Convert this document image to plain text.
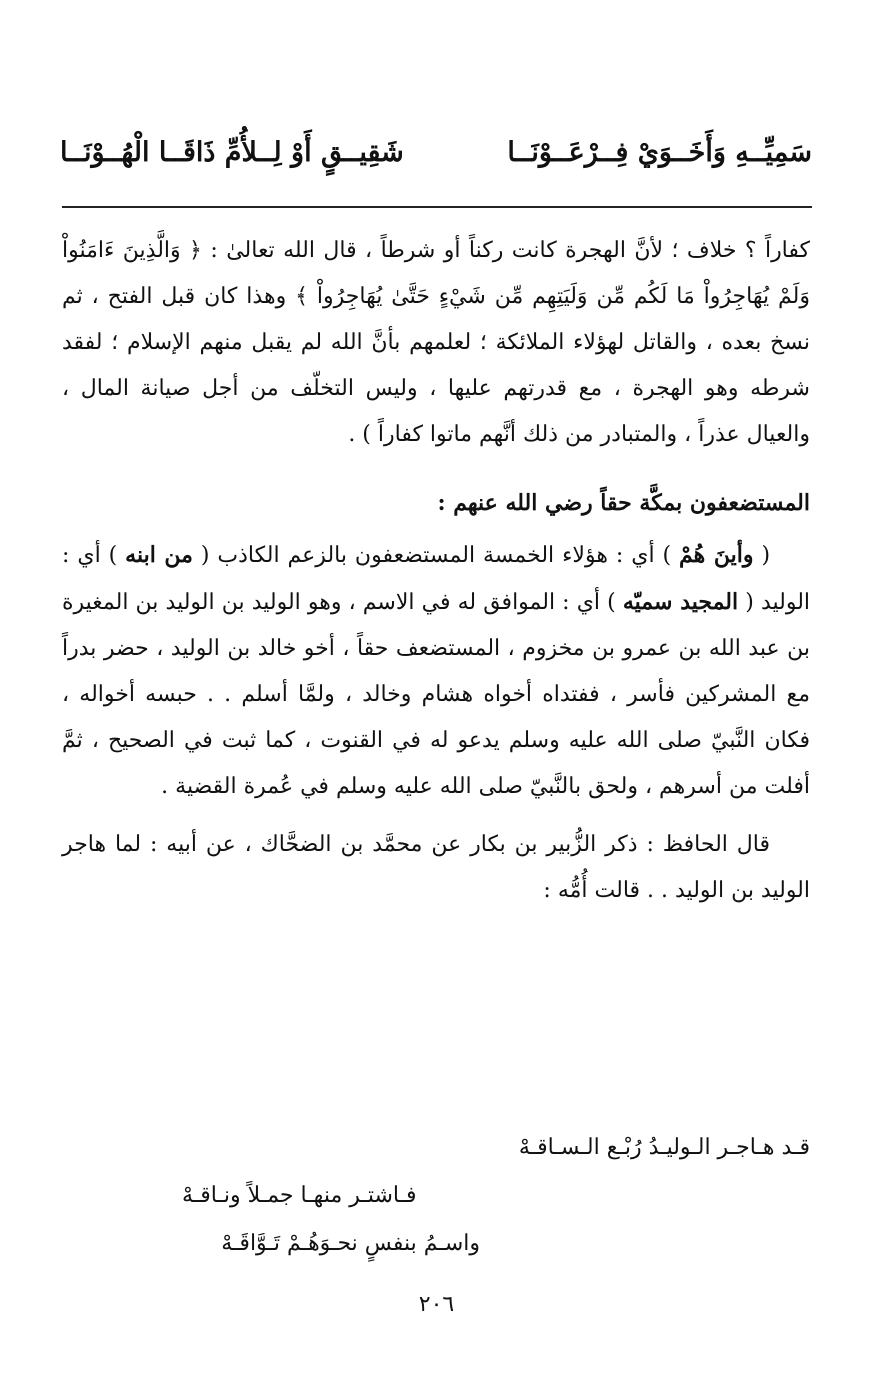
شَقِيــقٍ أَوْ لِــلأُمِّ ذَاقَــا الْهُــوْنَــا	سَمِيِّــهِ وَأَخَــوَيْ فِــرْعَــوْنَــا

كفاراً ؟ خلاف ؛ لأنَّ الهجرة كانت ركناً أو شرطاً ، قال الله تعالىٰ : ﴿ وَالَّذِينَ ءَامَنُواْ وَلَمْ يُهَاجِرُواْ مَا لَكُم مِّن وَلَيَتِهِم مِّن شَيْءٍ حَتَّىٰ يُهَاجِرُواْ ﴾ وهذا كان قبل الفتح ، ثم نسخ بعده ، والقاتل لهؤلاء الملائكة ؛ لعلمهم بأنَّ الله لم يقبل منهم الإسلام ؛ لفقد شرطه وهو الهجرة ، مع قدرتهم عليها ، وليس التخلّف من أجل صيانة المال ، والعيال عذراً ، والمتبادر من ذلك أنَّهم ماتوا كفاراً ) .

المستضعفون بمكَّة حقاً رضي الله عنهم :

( وأينَ هُمْ ) أي : هؤلاء الخمسة المستضعفون بالزعم الكاذب ( من ابنه ) أي : الوليد ( المجيد سميّه ) أي : الموافق له في الاسم ، وهو الوليد بن الوليد بن المغيرة بن عبد الله بن عمرو بن مخزوم ، المستضعف حقاً ، أخو خالد بن الوليد ، حضر بدراً مع المشركين فأسر ، ففتداه أخواه هشام وخالد ، ولمَّا أسلم . . حبسه أخواله ، فكان النَّبيّ صلى الله عليه وسلم يدعو له في القنوت ، كما ثبت في الصحيح ، ثمَّ أفلت من أسرهم ، ولحق بالنَّبيّ صلى الله عليه وسلم في عُمرة القضية .

قال الحافظ : ذكر الزُّبير بن بكار عن محمَّد بن الضحَّاك ، عن أبيه : لما هاجر الوليد بن الوليد . . قالت أُمُّه :

قـد هـاجـر الـوليـدُ رُبْـع الـسـاقـهْ
فـاشتـر منهـا جمـلاً ونـاقـهْ
واسـمُ بنفسٍ نحـوَهُـمْ تَـوَّاقَـهْ
٢٠٦
